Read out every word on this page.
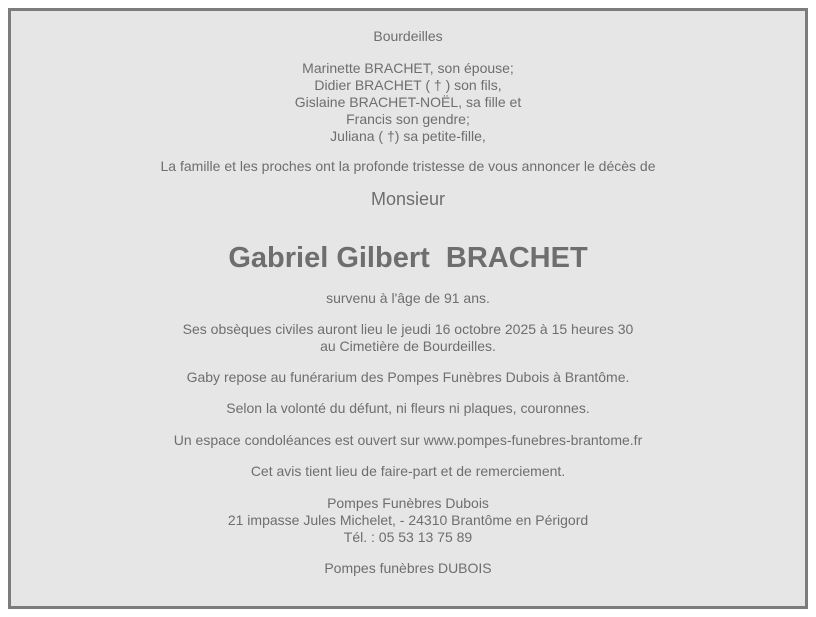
Bourdeilles
Marinette BRACHET, son épouse;
Didier BRACHET ( † ) son fils,
Gislaine BRACHET-NOËL, sa fille et
Francis son gendre;
Juliana ( †) sa petite-fille,
La famille et les proches ont la profonde tristesse de vous annoncer le décès de
Monsieur
Gabriel Gilbert  BRACHET
survenu à l'âge de 91 ans.
Ses obsèques civiles auront lieu le jeudi 16 octobre 2025 à 15 heures 30
au Cimetière de Bourdeilles.
Gaby repose au funérarium des Pompes Funèbres Dubois à Brantôme.
Selon la volonté du défunt, ni fleurs ni plaques, couronnes.
Un espace condoléances est ouvert sur www.pompes-funebres-brantome.fr
Cet avis tient lieu de faire-part et de remerciement.
Pompes Funèbres Dubois
21 impasse Jules Michelet, - 24310 Brantôme en Périgord
Tél. : 05 53 13 75 89
Pompes funèbres DUBOIS
